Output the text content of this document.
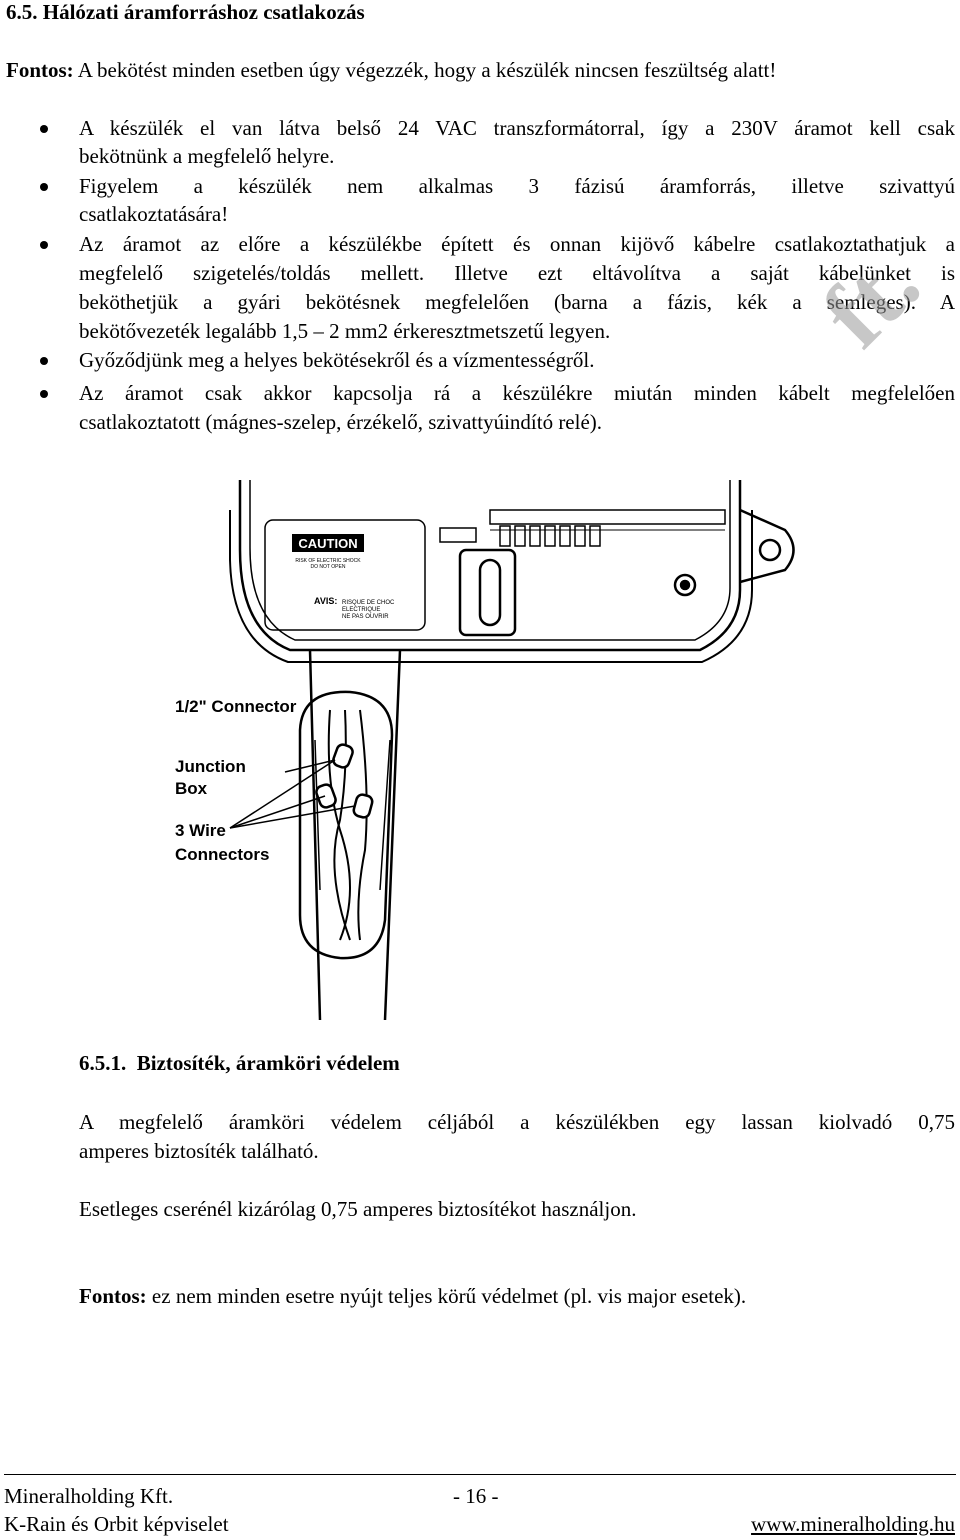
6.5. Hálózati áramforráshoz csatlakozás
Fontos: A bekötést minden esetben úgy végezzék, hogy a készülék nincsen feszültség alatt!
A készülék el van látva belső 24 VAC transzformátorral, így a 230V áramot kell csak
bekötnünk a megfelelő helyre.
Figyelem a készülék nem alkalmas 3 fázisú áramforrás, illetve szivattyú
csatlakoztatására!
Az áramot az előre a készülékbe épített és onnan kijövő kábelre csatlakoztathatjuk a
megfelelő szigetelés/toldás mellett. Illetve ezt eltávolítva a saját kábelünket is
beköthetjük a gyári bekötésnek megfelelően (barna a fázis, kék a semleges). A
bekötővezeték legalább 1,5 – 2 mm2 érkeresztmetszetű legyen.
Győződjünk meg a helyes bekötésekről és a vízmentességről.
Az áramot csak akkor kapcsolja rá a készülékre miután minden kábelt megfelelően
csatlakoztatott (mágnes-szelep, érzékelő, szivattyúindító relé).
ft.
CAUTION
RISK OF ELECTRIC SHOCK
DO NOT OPEN
AVIS: RISQUE DE CHOC
ELECTRIQUE
NE PAS OUVRIR
1/2" Connector
Junction
Box
3 Wire
Connectors
6.5.1. Biztosíték, áramköri védelem
A megfelelő áramköri védelem céljából a készülékben egy lassan kiolvadó 0,75
amperes biztosíték található.
Esetleges cserénél kizárólag 0,75 amperes biztosítékot használjon.
Fontos: ez nem minden esetre nyújt teljes körű védelmet (pl. vis major esetek).
Mineralholding Kft.	- 16 -
K-Rain és Orbit képviselet	www.mineralholding.hu
